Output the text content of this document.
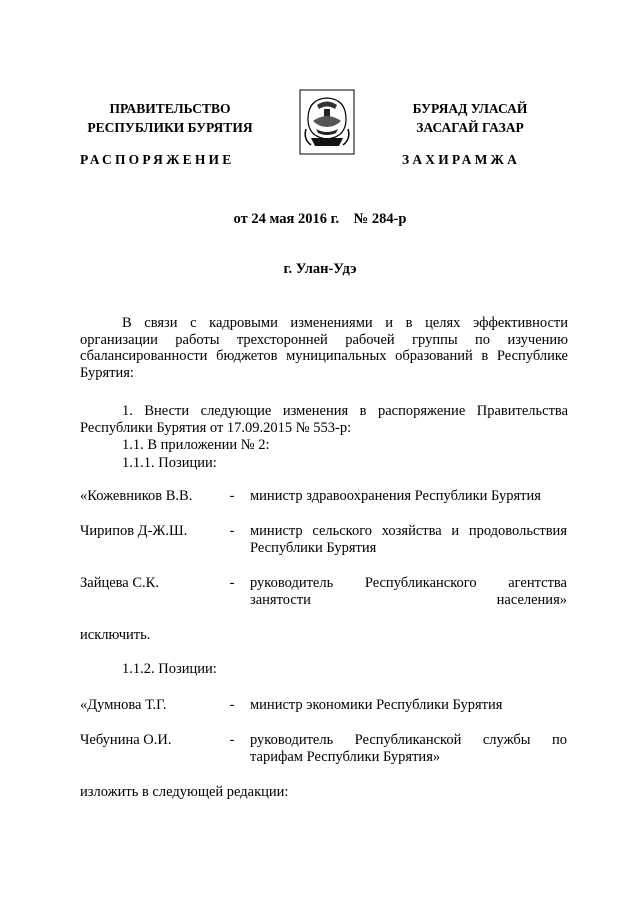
ПРАВИТЕЛЬСТВО
РЕСПУБЛИКИ БУРЯТИЯ
РАСПОРЯЖЕНИЕ
БУРЯАД УЛАСАЙ
ЗАСАГАЙ ГАЗАР
ЗАХИРАМЖА
от 24 мая 2016 г.    № 284-р
г. Улан-Удэ
В связи с кадровыми изменениями и в целях эффективности организации работы трехсторонней рабочей группы по изучению сбалансированности бюджетов муниципальных образований в Республике Бурятия:
1. Внести следующие изменения в распоряжение Правительства Республики Бурятия от 17.09.2015 № 553-р:
1.1. В приложении № 2:
1.1.1. Позиции:
«Кожевников В.В.	- министр здравоохранения Республики Бурятия
Чирипов Д-Ж.Ш.	- министр сельского хозяйства и продовольствия Республики Бурятия
Зайцева С.К.	- руководитель Республиканского агентства занятости населения»
исключить.
1.1.2. Позиции:
«Думнова Т.Г.	- министр экономики Республики Бурятия
Чебунина О.И.	- руководитель Республиканской службы по тарифам Республики Бурятия»
изложить в следующей редакции:
